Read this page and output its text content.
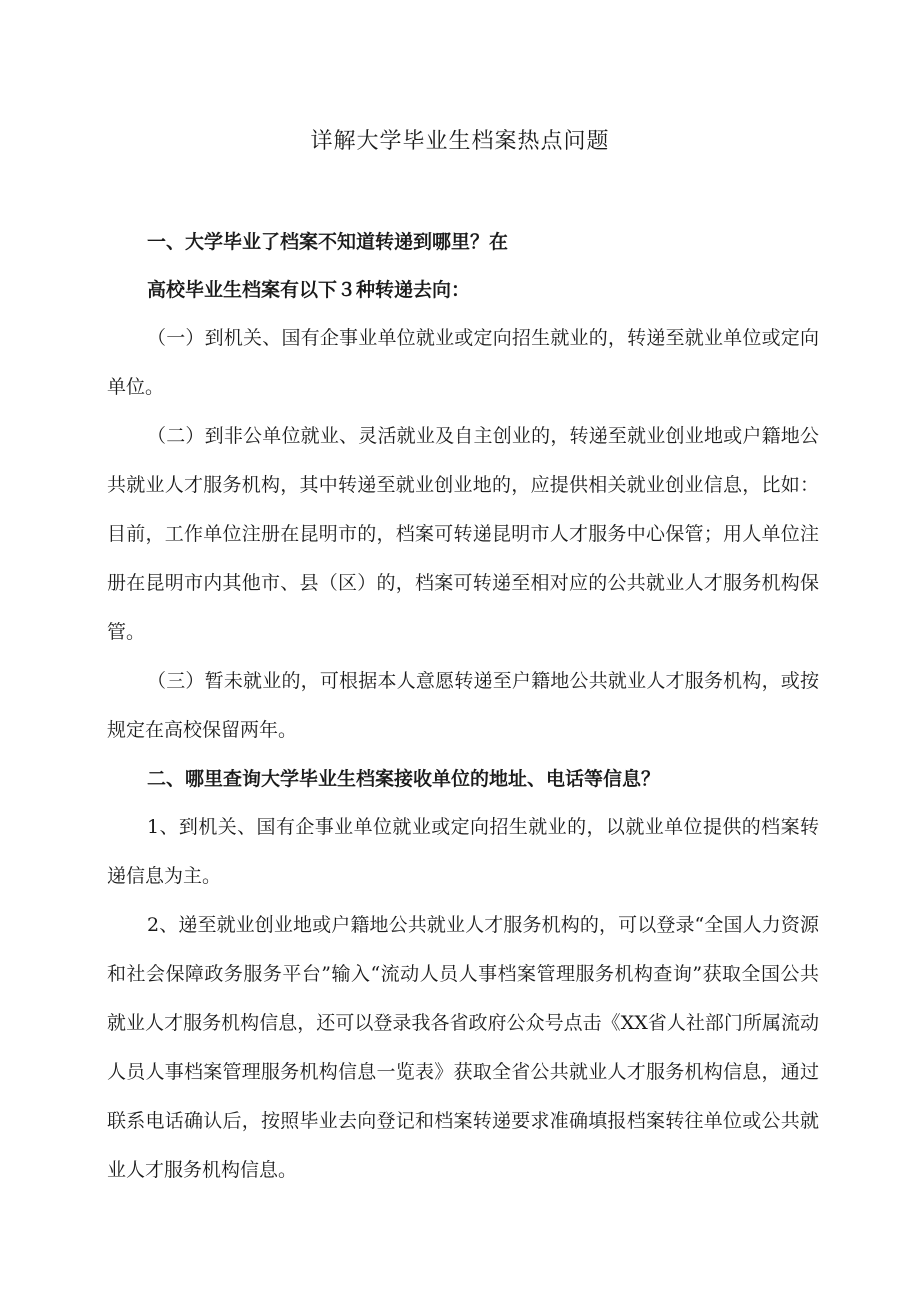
详解大学毕业生档案热点问题

一、大学毕业了档案不知道转递到哪里？在

高校毕业生档案有以下３种转递去向：

（一）到机关、国有企事业单位就业或定向招生就业的，转递至就业单位或定向单位。

（二）到非公单位就业、灵活就业及自主创业的，转递至就业创业地或户籍地公共就业人才服务机构，其中转递至就业创业地的，应提供相关就业创业信息，比如：目前，工作单位注册在昆明市的，档案可转递昆明市人才服务中心保管；用人单位注册在昆明市内其他市、县（区）的，档案可转递至相对应的公共就业人才服务机构保管。

（三）暂未就业的，可根据本人意愿转递至户籍地公共就业人才服务机构，或按规定在高校保留两年。

二、哪里查询大学毕业生档案接收单位的地址、电话等信息？

1、到机关、国有企事业单位就业或定向招生就业的，以就业单位提供的档案转递信息为主。

2、递至就业创业地或户籍地公共就业人才服务机构的，可以登录“全国人力资源和社会保障政务服务平台”输入“流动人员人事档案管理服务机构查询”获取全国公共就业人才服务机构信息，还可以登录我各省政府公众号点击《XX省人社部门所属流动人员人事档案管理服务机构信息一览表》获取全省公共就业人才服务机构信息，通过联系电话确认后，按照毕业去向登记和档案转递要求准确填报档案转往单位或公共就业人才服务机构信息。
